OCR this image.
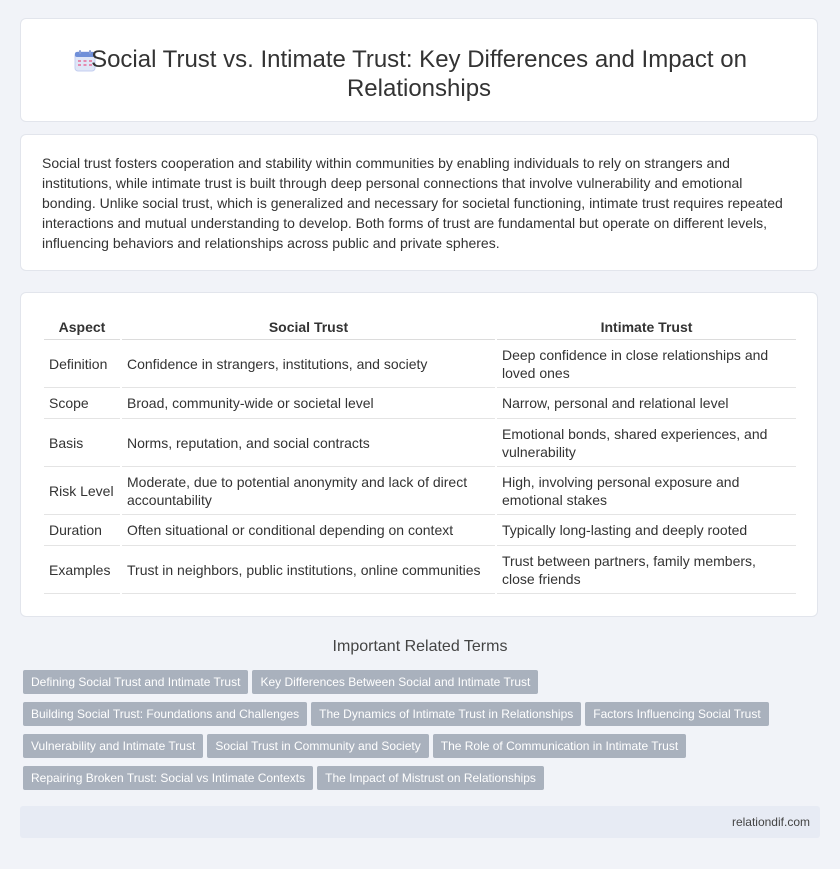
Social Trust vs. Intimate Trust: Key Differences and Impact on Relationships

Social trust fosters cooperation and stability within communities by enabling individuals to rely on strangers and institutions, while intimate trust is built through deep personal connections that involve vulnerability and emotional bonding. Unlike social trust, which is generalized and necessary for societal functioning, intimate trust requires repeated interactions and mutual understanding to develop. Both forms of trust are fundamental but operate on different levels, influencing behaviors and relationships across public and private spheres.

Aspect	Social Trust	Intimate Trust
Definition	Confidence in strangers, institutions, and society	Deep confidence in close relationships and loved ones
Scope	Broad, community-wide or societal level	Narrow, personal and relational level
Basis	Norms, reputation, and social contracts	Emotional bonds, shared experiences, and vulnerability
Risk Level	Moderate, due to potential anonymity and lack of direct accountability	High, involving personal exposure and emotional stakes
Duration	Often situational or conditional depending on context	Typically long-lasting and deeply rooted
Examples	Trust in neighbors, public institutions, online communities	Trust between partners, family members, close friends
Important Related Terms
Defining Social Trust and Intimate Trust Key Differences Between Social and Intimate Trust
Building Social Trust: Foundations and Challenges The Dynamics of Intimate Trust in Relationships Factors Influencing Social Trust
Vulnerability and Intimate Trust Social Trust in Community and Society The Role of Communication in Intimate Trust
Repairing Broken Trust: Social vs Intimate Contexts The Impact of Mistrust on Relationships
relationdif.com
